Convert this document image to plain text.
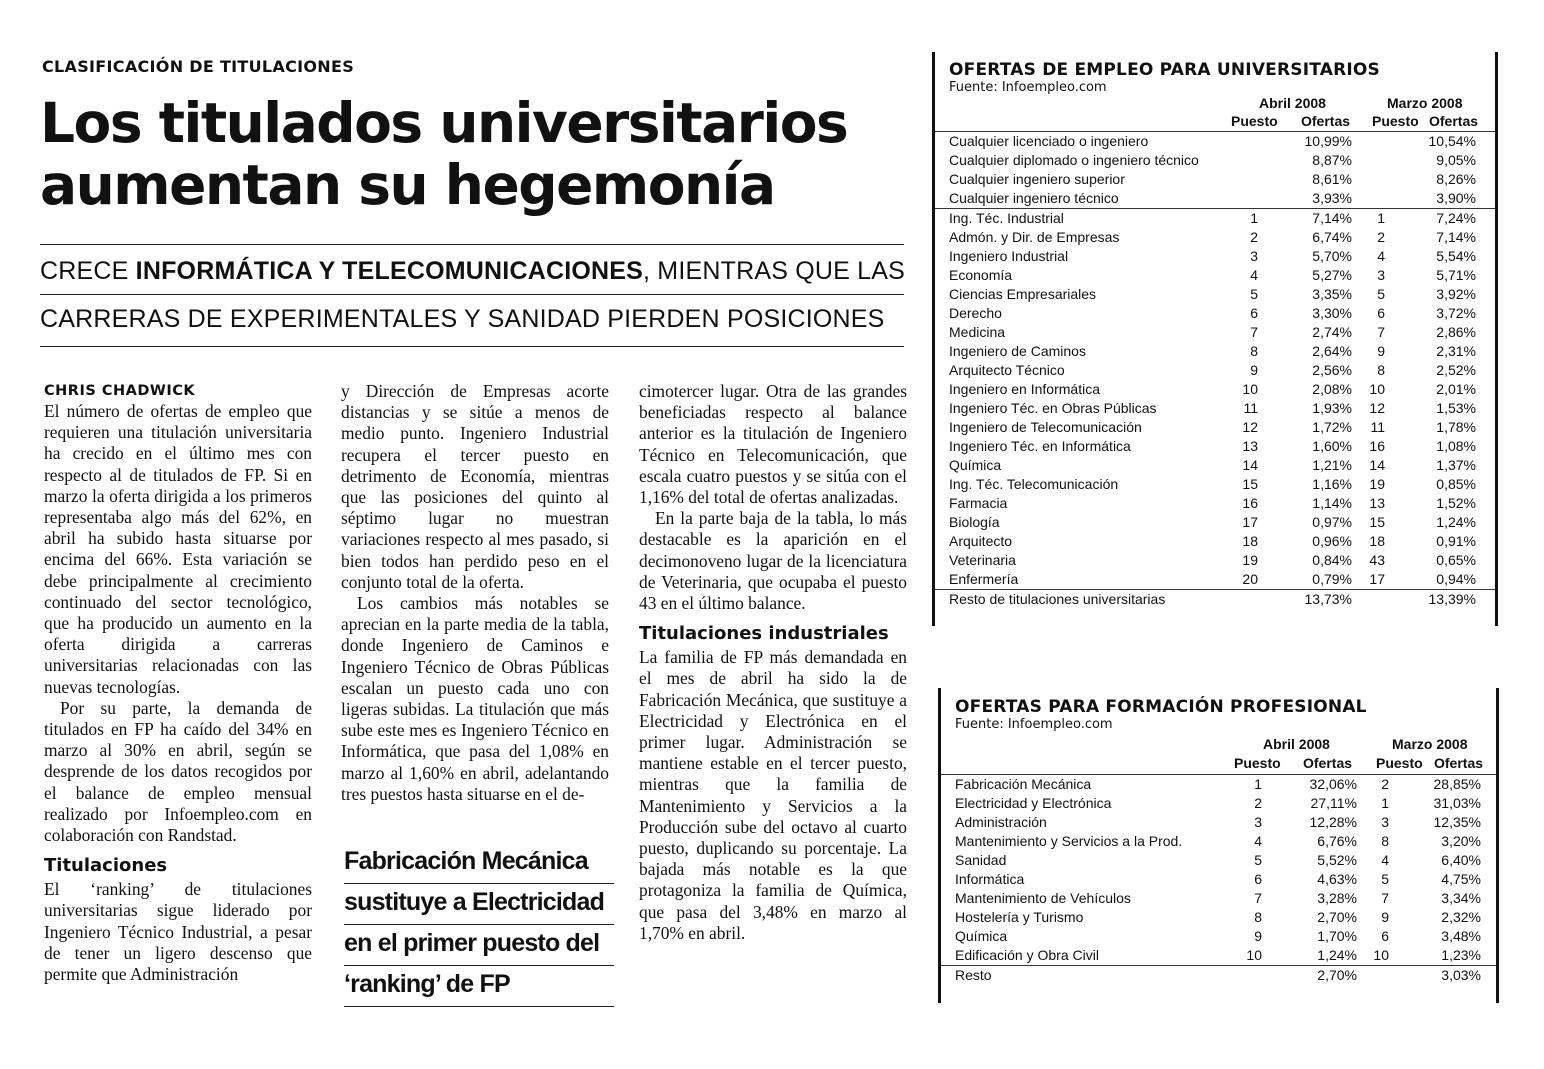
CLASIFICACIÓN DE TITULACIONES
Los titulados universitarios
aumentan su hegemonía
CRECE INFORMÁTICA Y TELECOMUNICACIONES, MIENTRAS QUE LAS
CARRERAS DE EXPERIMENTALES Y SANIDAD PIERDEN POSICIONES
CHRIS CHADWICK

El número de ofertas de empleo que requieren una titulación universitaria ha crecido en el último mes con respecto al de titulados de FP. Si en marzo la oferta dirigida a los primeros representaba algo más del 62%, en abril ha subido hasta situarse por encima del 66%. Esta variación se debe principalmente al crecimiento continuado del sector tecnológico, que ha producido un aumento en la oferta dirigida a carreras universitarias relacionadas con las nuevas tecnologías.

Por su parte, la demanda de titulados en FP ha caído del 34% en marzo al 30% en abril, según se desprende de los datos recogidos por el balance de empleo mensual realizado por Infoempleo.com en colaboración con Randstad.

Titulaciones

El ‘ranking’ de titulaciones universitarias sigue liderado por Ingeniero Técnico Industrial, a pesar de tener un ligero descenso que permite que Administración

y Dirección de Empresas acorte distancias y se sitúe a menos de medio punto. Ingeniero Industrial recupera el tercer puesto en detrimento de Economía, mientras que las posiciones del quinto al séptimo lugar no muestran variaciones respecto al mes pasado, si bien todos han perdido peso en el conjunto total de la oferta.

Los cambios más notables se aprecian en la parte media de la tabla, donde Ingeniero de Caminos e Ingeniero Técnico de Obras Públicas escalan un puesto cada uno con ligeras subidas. La titulación que más sube este mes es Ingeniero Técnico en Informática, que pasa del 1,08% en marzo al 1,60% en abril, adelantando tres puestos hasta situarse en el de-

Fabricación Mecánica
sustituye a Electricidad
en el primer puesto del
‘ranking’ de FP

cimotercer lugar. Otra de las grandes beneficiadas respecto al balance anterior es la titulación de Ingeniero Técnico en Telecomunicación, que escala cuatro puestos y se sitúa con el 1,16% del total de ofertas analizadas.

En la parte baja de la tabla, lo más destacable es la aparición en el decimonoveno lugar de la licenciatura de Veterinaria, que ocupaba el puesto 43 en el último balance.

Titulaciones industriales

La familia de FP más demandada en el mes de abril ha sido la de Fabricación Mecánica, que sustituye a Electricidad y Electrónica en el primer lugar. Administración se mantiene estable en el tercer puesto, mientras que la familia de Mantenimiento y Servicios a la Producción sube del octavo al cuarto puesto, duplicando su porcentaje. La bajada más notable es la que protagoniza la familia de Química, que pasa del 3,48% en marzo al 1,70% en abril.

OFERTAS DE EMPLEO PARA UNIVERSITARIOS
Fuente: Infoempleo.com
Abril 2008	Marzo 2008
Puesto Ofertas Puesto Ofertas
Cualquier licenciado o ingeniero	10,99%	10,54%
Cualquier diplomado o ingeniero técnico	8,87%	9,05%
Cualquier ingeniero superior	8,61%	8,26%
Cualquier ingeniero técnico	3,93%	3,90%
Ing. Téc. Industrial	1	7,14%	1	7,24%
Admón. y Dir. de Empresas	2	6,74%	2	7,14%
Ingeniero Industrial	3	5,70%	4	5,54%
Economía	4	5,27%	3	5,71%
Ciencias Empresariales	5	3,35%	5	3,92%
Derecho	6	3,30%	6	3,72%
Medicina	7	2,74%	7	2,86%
Ingeniero de Caminos	8	2,64%	9	2,31%
Arquitecto Técnico	9	2,56%	8	2,52%
Ingeniero en Informática	10	2,08%	10	2,01%
Ingeniero Téc. en Obras Públicas	11	1,93%	12	1,53%
Ingeniero de Telecomunicación	12	1,72%	11	1,78%
Ingeniero Téc. en Informática	13	1,60%	16	1,08%
Química	14	1,21%	14	1,37%
Ing. Téc. Telecomunicación	15	1,16%	19	0,85%
Farmacia	16	1,14%	13	1,52%
Biología	17	0,97%	15	1,24%
Arquitecto	18	0,96%	18	0,91%
Veterinaria	19	0,84%	43	0,65%
Enfermería	20	0,79%	17	0,94%
Resto de titulaciones universitarias	13,73%	13,39%
OFERTAS PARA FORMACIÓN PROFESIONAL
Fuente: Infoempleo.com
Abril 2008	Marzo 2008
Puesto Ofertas Puesto Ofertas
Fabricación Mecánica	1	32,06%	2	28,85%
Electricidad y Electrónica	2	27,11%	1	31,03%
Administración	3	12,28%	3	12,35%
Mantenimiento y Servicios a la Prod.	4	6,76%	8	3,20%
Sanidad	5	5,52%	4	6,40%
Informática	6	4,63%	5	4,75%
Mantenimiento de Vehículos	7	3,28%	7	3,34%
Hostelería y Turismo	8	2,70%	9	2,32%
Química	9	1,70%	6	3,48%
Edificación y Obra Civil	10	1,24%	10	1,23%
Resto	2,70%	3,03%
